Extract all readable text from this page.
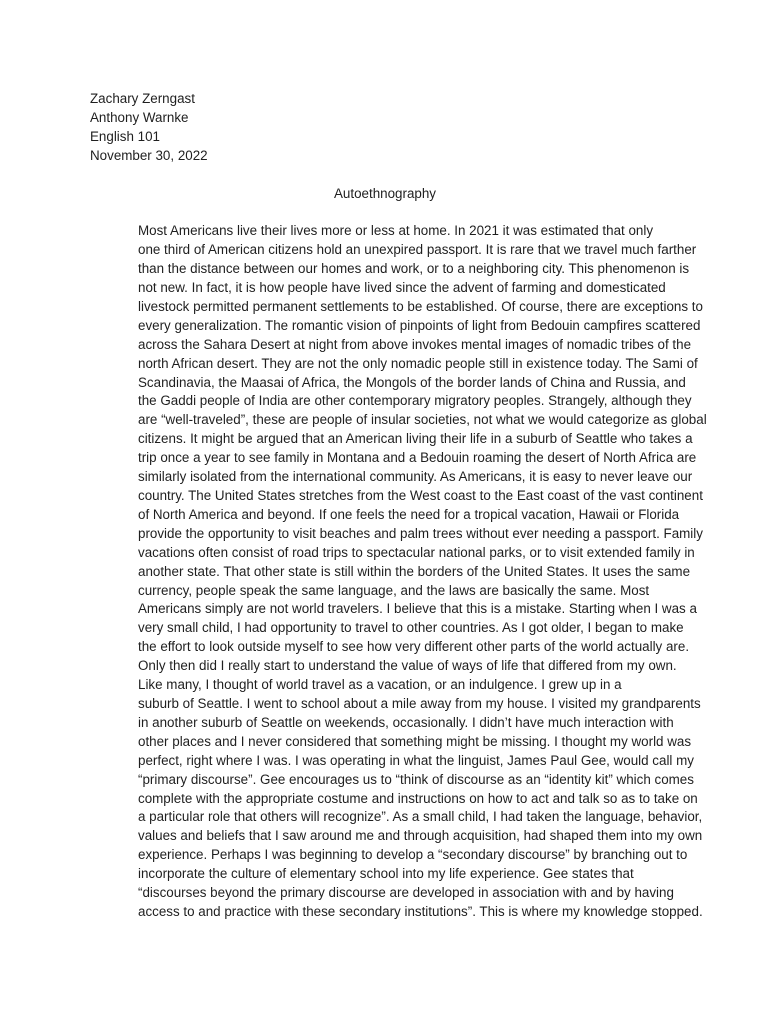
Zachary Zerngast
Anthony Warnke
English 101
November 30, 2022
Autoethnography

Most Americans live their lives more or less at home. In 2021 it was estimated that only
one third of American citizens hold an unexpired passport. It is rare that we travel much farther
than the distance between our homes and work, or to a neighboring city. This phenomenon is
not new. In fact, it is how people have lived since the advent of farming and domesticated
livestock permitted permanent settlements to be established. Of course, there are exceptions to
every generalization. The romantic vision of pinpoints of light from Bedouin campfires scattered
across the Sahara Desert at night from above invokes mental images of nomadic tribes of the
north African desert. They are not the only nomadic people still in existence today. The Sami of
Scandinavia, the Maasai of Africa, the Mongols of the border lands of China and Russia, and
the Gaddi people of India are other contemporary migratory peoples. Strangely, although they
are “well-traveled”, these are people of insular societies, not what we would categorize as global
citizens. It might be argued that an American living their life in a suburb of Seattle who takes a
trip once a year to see family in Montana and a Bedouin roaming the desert of North Africa are
similarly isolated from the international community. As Americans, it is easy to never leave our
country. The United States stretches from the West coast to the East coast of the vast continent
of North America and beyond. If one feels the need for a tropical vacation, Hawaii or Florida
provide the opportunity to visit beaches and palm trees without ever needing a passport. Family
vacations often consist of road trips to spectacular national parks, or to visit extended family in
another state. That other state is still within the borders of the United States. It uses the same
currency, people speak the same language, and the laws are basically the same. Most
Americans simply are not world travelers. I believe that this is a mistake. Starting when I was a
very small child, I had opportunity to travel to other countries. As I got older, I began to make
the effort to look outside myself to see how very different other parts of the world actually are.
Only then did I really start to understand the value of ways of life that differed from my own.

Like many, I thought of world travel as a vacation, or an indulgence. I grew up in a
suburb of Seattle. I went to school about a mile away from my house. I visited my grandparents
in another suburb of Seattle on weekends, occasionally. I didn’t have much interaction with
other places and I never considered that something might be missing. I thought my world was
perfect, right where I was. I was operating in what the linguist, James Paul Gee, would call my
“primary discourse”. Gee encourages us to “think of discourse as an “identity kit” which comes
complete with the appropriate costume and instructions on how to act and talk so as to take on
a particular role that others will recognize”. As a small child, I had taken the language, behavior,
values and beliefs that I saw around me and through acquisition, had shaped them into my own
experience. Perhaps I was beginning to develop a “secondary discourse” by branching out to
incorporate the culture of elementary school into my life experience. Gee states that
“discourses beyond the primary discourse are developed in association with and by having
access to and practice with these secondary institutions”. This is where my knowledge stopped.
